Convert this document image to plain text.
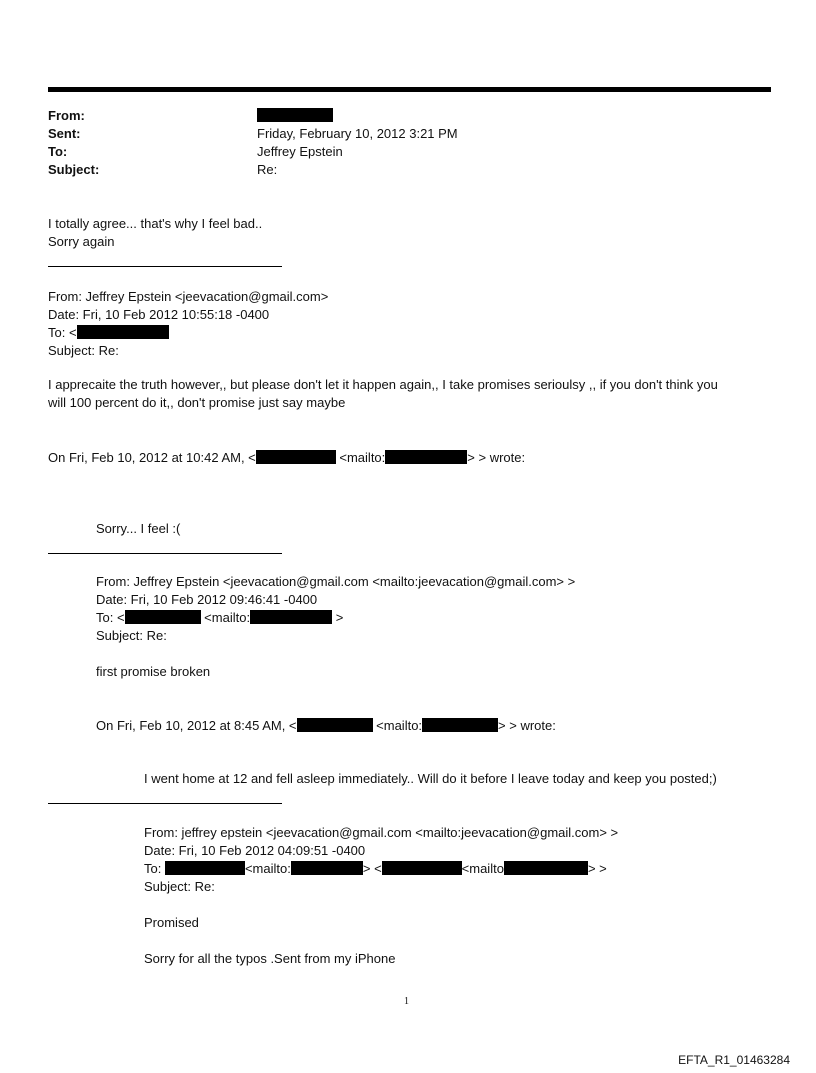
From:
Sent:	Friday, February 10, 2012 3:21 PM
To:	Jeffrey Epstein
Subject:	Re:
I totally agree... that's why I feel bad..
Sorry again
From: Jeffrey Epstein <jeevacation@gmail.com>
Date: Fri, 10 Feb 2012 10:55:18 -0400
To: <
Subject: Re:
I apprecaite the truth however,, but please don't let it happen again,, I take promises serioulsy ,, if you don't think you
will 100 percent do it,, don't promise just say maybe
On Fri, Feb 10, 2012 at 10:42 AM, <	<mailto:	> > wrote:
Sorry... I feel :(
From: Jeffrey Epstein <jeevacation@gmail.com <mailto:jeevacation@gmail.com> >
Date: Fri, 10 Feb 2012 09:46:41 -0400
To: <	<mailto:	>
Subject: Re:
first promise broken
On Fri, Feb 10, 2012 at 8:45 AM, <	<mailto:	> > wrote:
I went home at 12 and fell asleep immediately.. Will do it before I leave today and keep you posted;)
From: jeffrey epstein <jeevacation@gmail.com <mailto:jeevacation@gmail.com> >
Date: Fri, 10 Feb 2012 04:09:51 -0400
To:	<mailto:	> <	<mailto	> >
Subject: Re:
Promised
Sorry for all the typos .Sent from my iPhone
1
EFTA_R1_01463284
